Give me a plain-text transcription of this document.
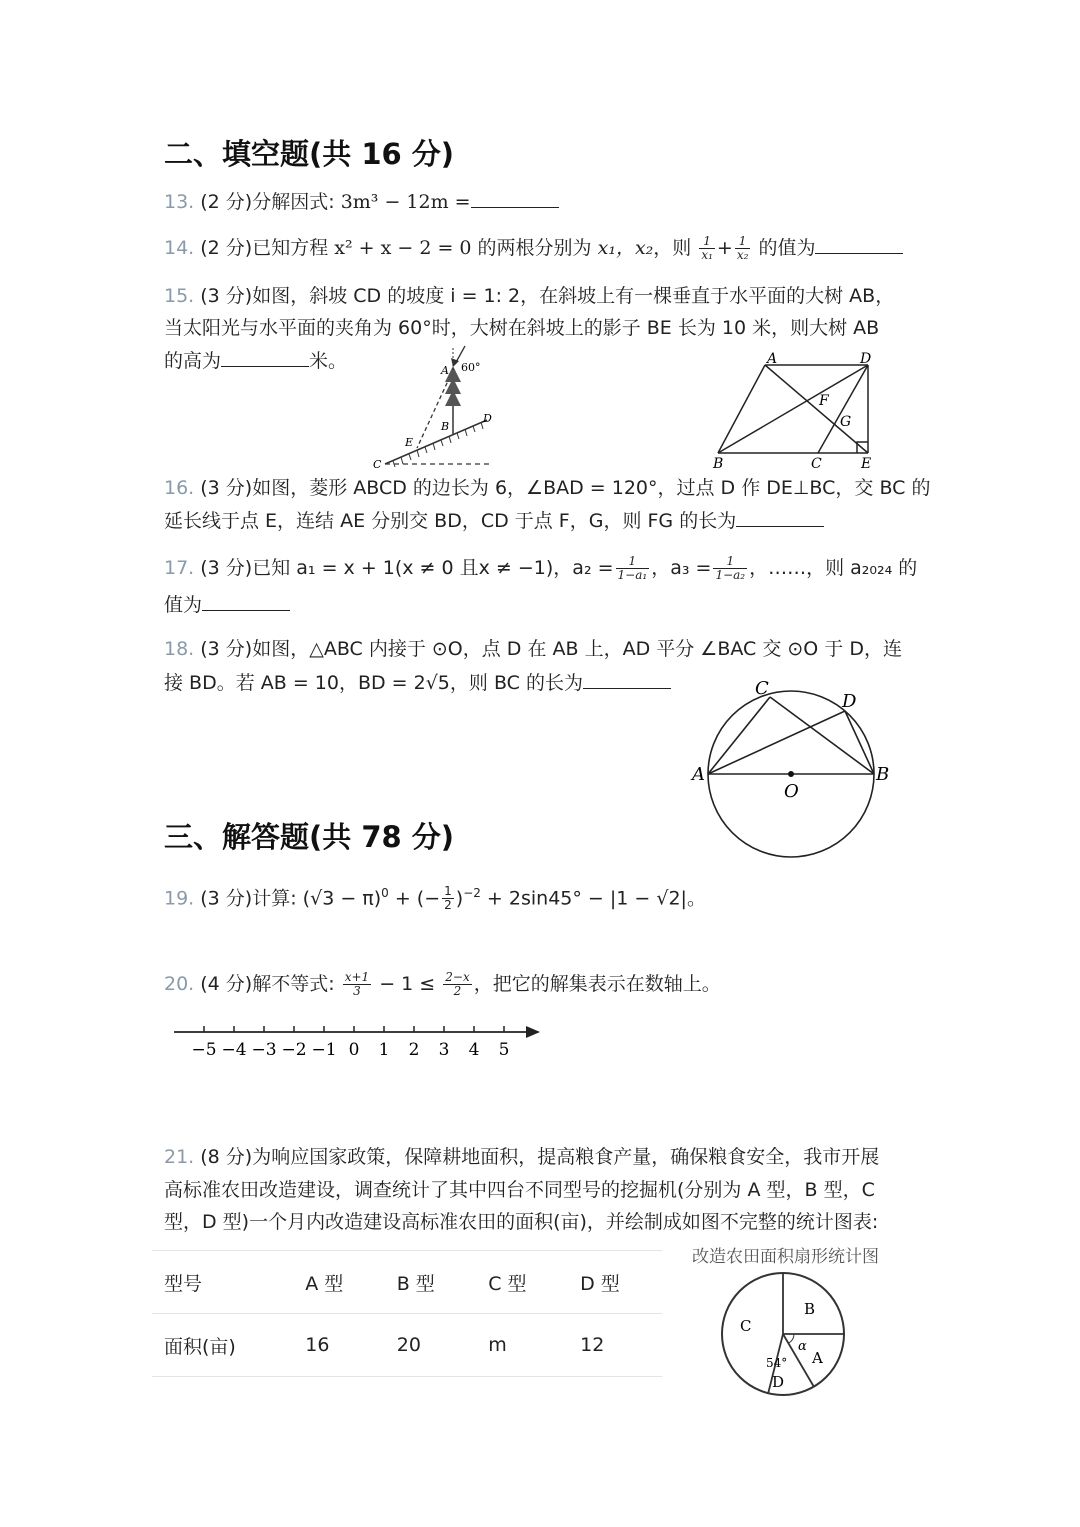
二、填空题(共 16 分)
13. (2 分)分解因式: 3m³ − 12m =
14. (2 分)已知方程 x² + x − 2 = 0 的两根分别为 x₁，x₂，则 $\frac{1}{\text{x₁}} + \frac{1}{\text{x₂}}$ 的值为
15. (3 分)如图，斜坡 CD 的坡度 i = 1: 2，在斜坡上有一棵垂直于水平面的大树 AB，
当太阳光与水平面的夹角为 60°时，大树在斜坡上的影子 BE 长为 10 米，则大树 AB
的高为	米。	60°
A
B
C
D
E
A	D
F
G
B	C	E
16. (3 分)如图，菱形 ABCD 的边长为 6，∠BAD = 120°，过点 D 作 DE⊥BC，交 BC 的
延长线于点 E，连结 AE 分别交 BD，CD 于点 F，G，则 FG 的长为
17. (3 分)已知 a₁ = x + 1(x ≠ 0 且x ≠ −1)，$a_2 = \frac{1}{\text{1−a₁}}$ ，$a_3 = \frac{1}{\text{1−a₂}}$ ，……，则 a₂₀₂₄ 的
值为
18. (3 分)如图，△ABC 内接于 ⊙O，点 D 在 AB 上，AD 平分 ∠BAC 交 ⊙O 于 D，连
接 BD。若 AB = 10，BD = 2√5，则 BC 的长为	C
D
A	B
O
三、解答题(共 78 分)
19. (3 分)计算: $(√3 - \pi)^0$ + (− $\frac{1}{2} )^{-2} + 2\sin 45^\circ - |1 - √2|$。
20. (4 分)解不等式: $\frac{x+1}{3} - 1 \le \frac{2-x}{2}$ ，把它的解集表示在数轴上。
−5 −4 −3 −2 −1 0 1 2 3 4 5
21. (8 分)为响应国家政策，保障耕地面积，提高粮食产量，确保粮食安全，我市开展
高标准农田改造建设，调查统计了其中四台不同型号的挖掘机(分别为 A 型，B 型，C
型，D 型)一个月内改造建设高标准农田的面积(亩)，并绘制成如图不完整的统计图表:
型号	A 型	B 型	C 型	D 型
面积(亩)	16	20	m	12
改造农田面积扇形统计图
B
C
A
α
54°
D
